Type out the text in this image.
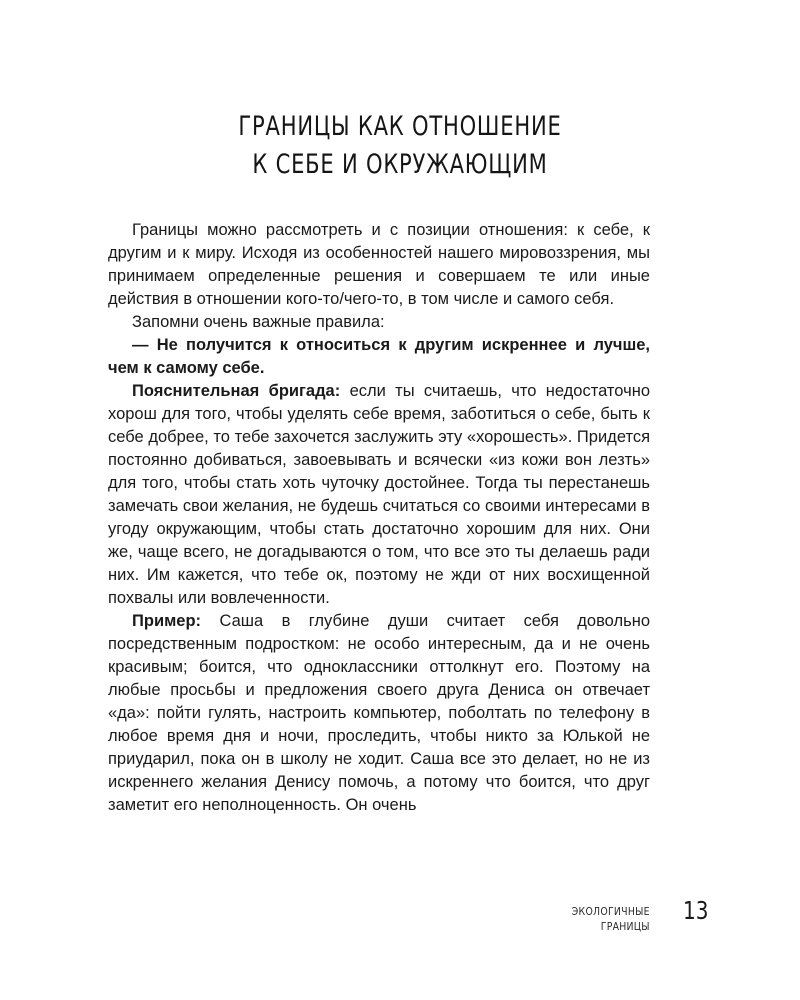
ГРАНИЦЫ КАК ОТНОШЕНИЕ
К СЕБЕ И ОКРУЖАЮЩИМ

Границы можно рассмотреть и с позиции отношения: к себе, к другим и к миру. Исходя из особенностей нашего мировоззрения, мы принимаем определенные решения и совершаем те или иные действия в отношении кого-то/чего-то, в том числе и самого себя.

Запомни очень важные правила:

— Не получится к относиться к другим искреннее и лучше, чем к самому себе.

Пояснительная бригада: если ты считаешь, что недостаточно хорош для того, чтобы уделять себе время, заботиться о себе, быть к себе добрее, то тебе захочется заслужить эту «хорошесть». Придется постоянно добиваться, завоевывать и всячески «из кожи вон лезть» для того, чтобы стать хоть чуточку достойнее. Тогда ты перестанешь замечать свои желания, не будешь считаться со своими интересами в угоду окружающим, чтобы стать достаточно хорошим для них. Они же, чаще всего, не догадываются о том, что все это ты делаешь ради них. Им кажется, что тебе ок, поэтому не жди от них восхищенной похвалы или вовлеченности.

Пример: Саша в глубине души считает себя довольно посредственным подростком: не особо интересным, да и не очень красивым; боится, что одноклассники оттолкнут его. Поэтому на любые просьбы и предложения своего друга Дениса он отвечает «да»: пойти гулять, настроить компьютер, поболтать по телефону в любое время дня и ночи, проследить, чтобы никто за Юлькой не приударил, пока он в школу не ходит. Саша все это делает, но не из искреннего желания Денису помочь, а потому что боится, что друг заметит его неполноценность. Он очень

ЭКОЛОГИЧНЫЕ
ГРАНИЦЫ
13
